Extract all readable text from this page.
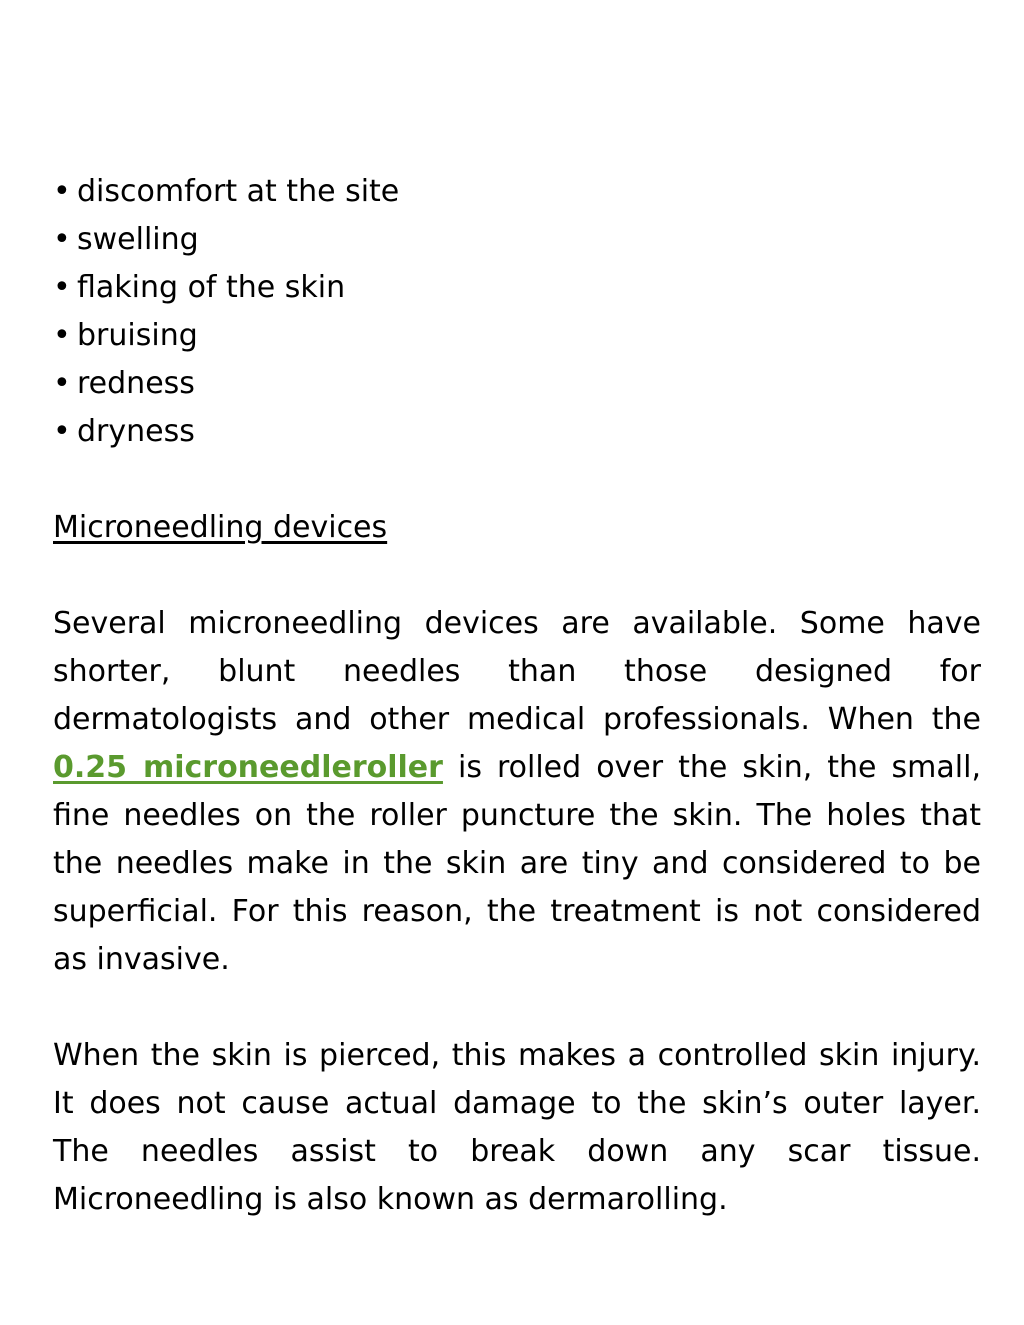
• discomfort at the site
• swelling
• flaking of the skin
• bruising
• redness
• dryness
Microneedling devices

Several microneedling devices are available. Some have shorter, blunt needles than those designed for dermatologists and other medical professionals. When the 0.25 microneedleroller is rolled over the skin, the small, fine needles on the roller puncture the skin. The holes that the needles make in the skin are tiny and considered to be superficial. For this reason, the treatment is not considered as invasive.

When the skin is pierced, this makes a controlled skin injury. It does not cause actual damage to the skin’s outer layer. The needles assist to break down any scar tissue. Microneedling is also known as dermarolling.
